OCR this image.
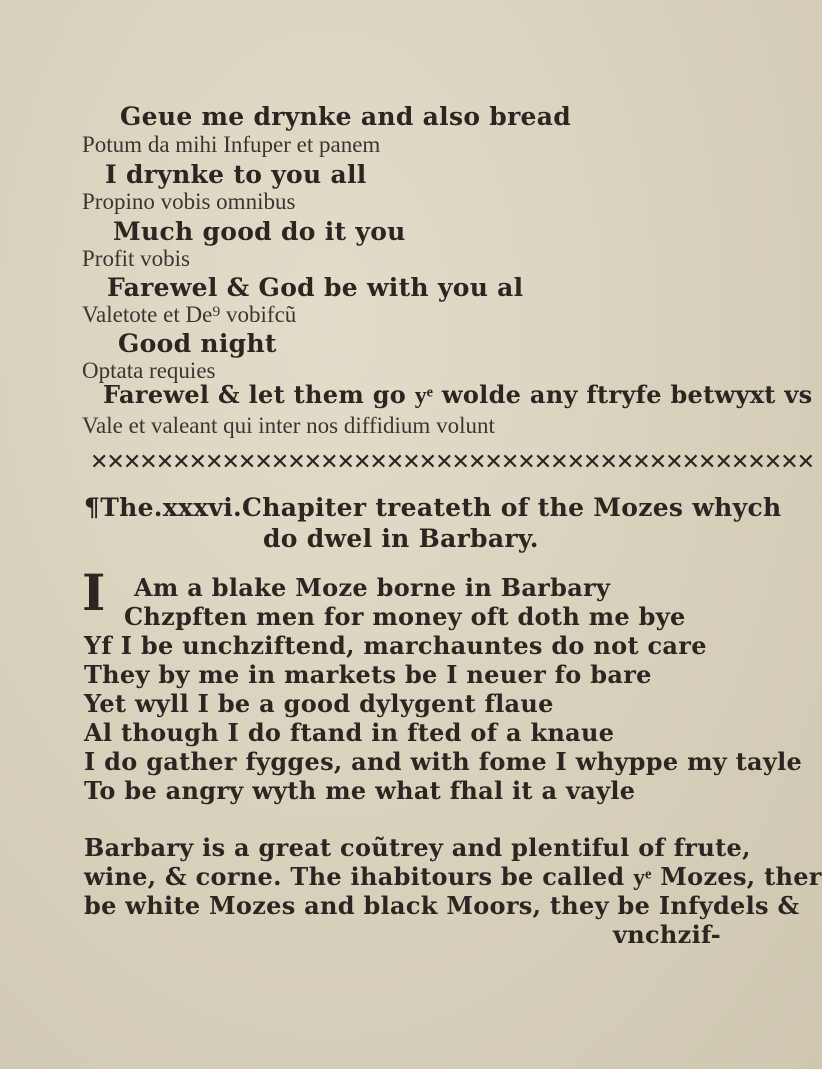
Geue me drynke and also bread
Potum da mihi Infuper et panem
I drynke to you all
Propino vobis omnibus
Much good do it you
Profit vobis
Farewel & God be with you al
Valetote et De⁹ vobifcũ
Good night
Optata requies
Farewel & let them go yͤ wolde any ftryfe betwyxt vs
Vale et valeant qui inter nos diffidium volunt
✕✕✕✕✕✕✕✕✕✕✕✕✕✕✕✕✕✕✕✕✕✕✕✕✕✕✕✕✕✕✕✕✕✕✕✕✕✕✕✕✕✕✕✕
¶The.xxxvi.Chapiter treateth of the Mozes whych
do dwel in Barbary.
I Am a blake Moze borne in Barbary
Chzpften men for money oft doth me bye
Yf I be unchziftend, marchauntes do not care
They by me in markets be I neuer fo bare
Yet wyll I be a good dylygent flaue
Al though I do ftand in fted of a knaue
I do gather fygges, and with fome I whyppe my tayle
To be angry wyth me what fhal it a vayle
Barbary is a great coũtrey and plentiful of frute,
wine, & corne. The ihabitours be called yͤ Mozes, ther
be white Mozes and black Moors, they be Infydels &
vnchzif-
